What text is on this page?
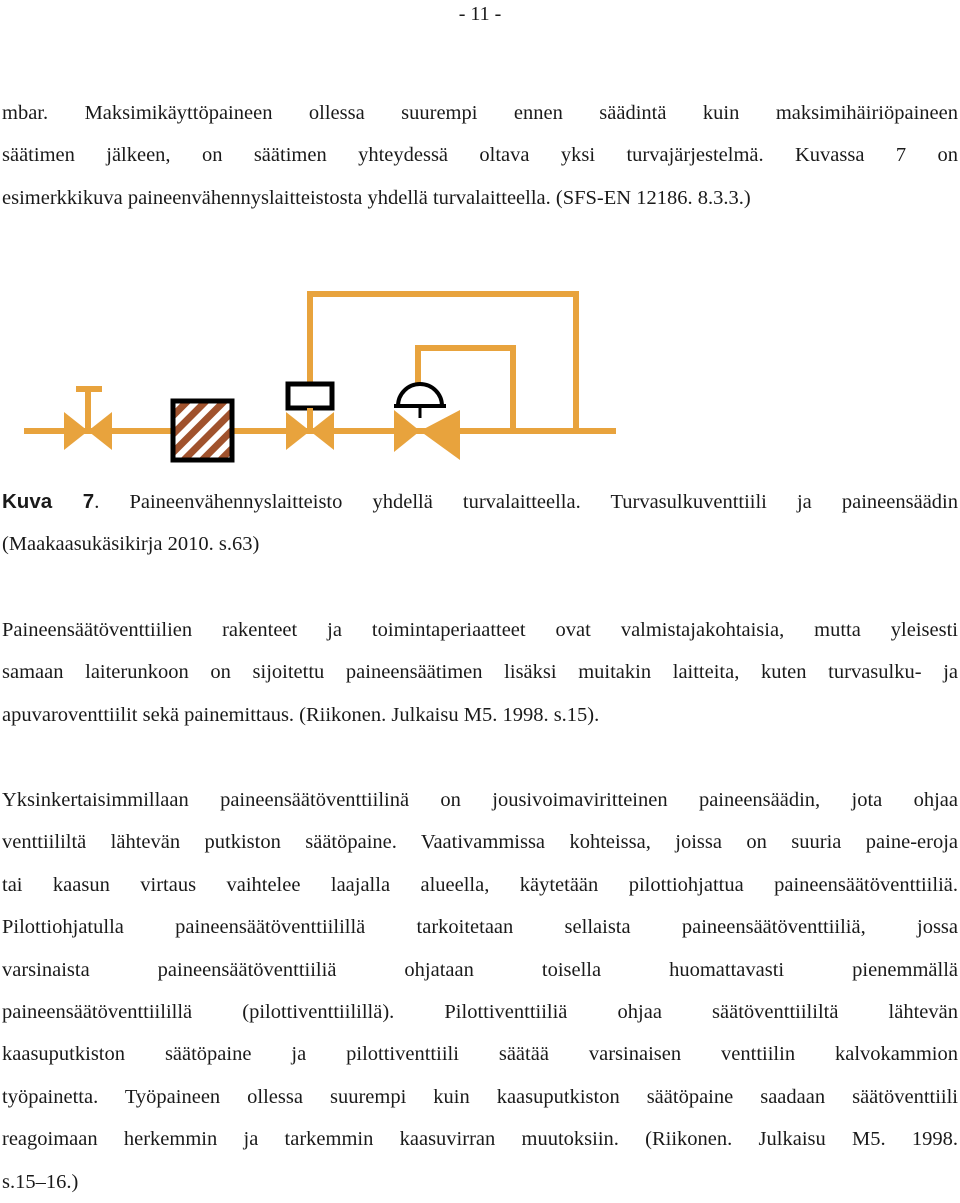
- 11 -

mbar. Maksimikäyttöpaineen ollessa suurempi ennen säädintä kuin maksimihäiriöpaineen
säätimen jälkeen, on säätimen yhteydessä oltava yksi turvajärjestelmä. Kuvassa 7 on
esimerkkikuva paineenvähennyslaitteistosta yhdellä turvalaitteella. (SFS-EN 12186. 8.3.3.)

Kuva 7. Paineenvähennyslaitteisto yhdellä turvalaitteella. Turvasulkuventtiili ja paineensäädin
(Maakaasukäsikirja 2010. s.63)

Paineensäätöventtiilien rakenteet ja toimintaperiaatteet ovat valmistajakohtaisia, mutta yleisesti
samaan laiterunkoon on sijoitettu paineensäätimen lisäksi muitakin laitteita, kuten turvasulku- ja
apuvaroventtiilit sekä painemittaus. (Riikonen. Julkaisu M5. 1998. s.15).

Yksinkertaisimmillaan paineensäätöventtiilinä on jousivoimaviritteinen paineensäädin, jota ohjaa
venttiililtä lähtevän putkiston säätöpaine. Vaativammissa kohteissa, joissa on suuria paine-eroja
tai kaasun virtaus vaihtelee laajalla alueella, käytetään pilottiohjattua paineensäätöventtiiliä.
Pilottiohjatulla paineensäätöventtiilillä tarkoitetaan sellaista paineensäätöventtiiliä, jossa
varsinaista paineensäätöventtiiliä ohjataan toisella huomattavasti pienemmällä
paineensäätöventtiilillä (pilottiventtiilillä). Pilottiventtiiliä ohjaa säätöventtiililtä lähtevän
kaasuputkiston säätöpaine ja pilottiventtiili säätää varsinaisen venttiilin kalvokammion
työpainetta. Työpaineen ollessa suurempi kuin kaasuputkiston säätöpaine saadaan säätöventtiili
reagoimaan herkemmin ja tarkemmin kaasuvirran muutoksiin. (Riikonen. Julkaisu M5. 1998.
s.15–16.)
